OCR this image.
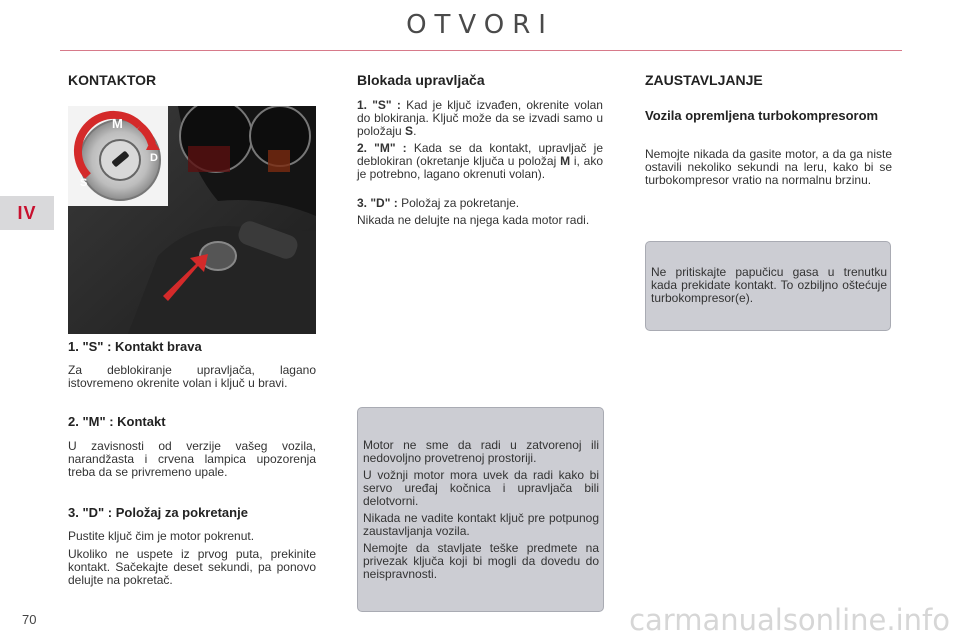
OTVORI
IV
KONTAKTOR
S
M
D
1. "S" : Kontakt brava

Za deblokiranje upravljača, lagano istovremeno okrenite volan i ključ u bravi.

2. "M" : Kontakt

U zavisnosti od verzije vašeg vozila, narandžasta i crvena lampica upozorenja treba da se privremeno upale.

3. "D" : Položaj za pokretanje

Pustite ključ čim je motor pokrenut.

Ukoliko ne uspete iz prvog puta, prekinite kontakt. Sačekajte deset sekundi, pa ponovo delujte na pokretač.

Blokada upravljača

1. "S" : Kad je ključ izvađen, okrenite volan do blokiranja. Ključ može da se izvadi samo u položaju S.

2. "M" : Kada se da kontakt, upravljač je deblokiran (okretanje ključa u položaj M i, ako je potrebno, lagano okrenuti volan).

3. "D" : Položaj za pokretanje.

Nikada ne delujte na njega kada motor radi.

Motor ne sme da radi u zatvorenoj ili nedovoljno provetrenoj prostoriji.

U vožnji motor mora uvek da radi kako bi servo uređaj kočnica i upravljača bili delotvorni.

Nikada ne vadite kontakt ključ pre potpunog zaustavljanja vozila.

Nemojte da stavljate teške predmete na privezak ključa koji bi mogli da dovedu do neispravnosti.

ZAUSTAVLJANJE
Vozila opremljena turbokompresorom

Nemojte nikada da gasite motor, a da ga niste ostavili nekoliko sekundi na leru, kako bi se turbokompresor vratio na normalnu brzinu.

Ne pritiskajte papučicu gasa u trenutku kada prekidate kontakt. To ozbiljno oštećuje turbokompresor(e).

70	carmanualsonline.info
